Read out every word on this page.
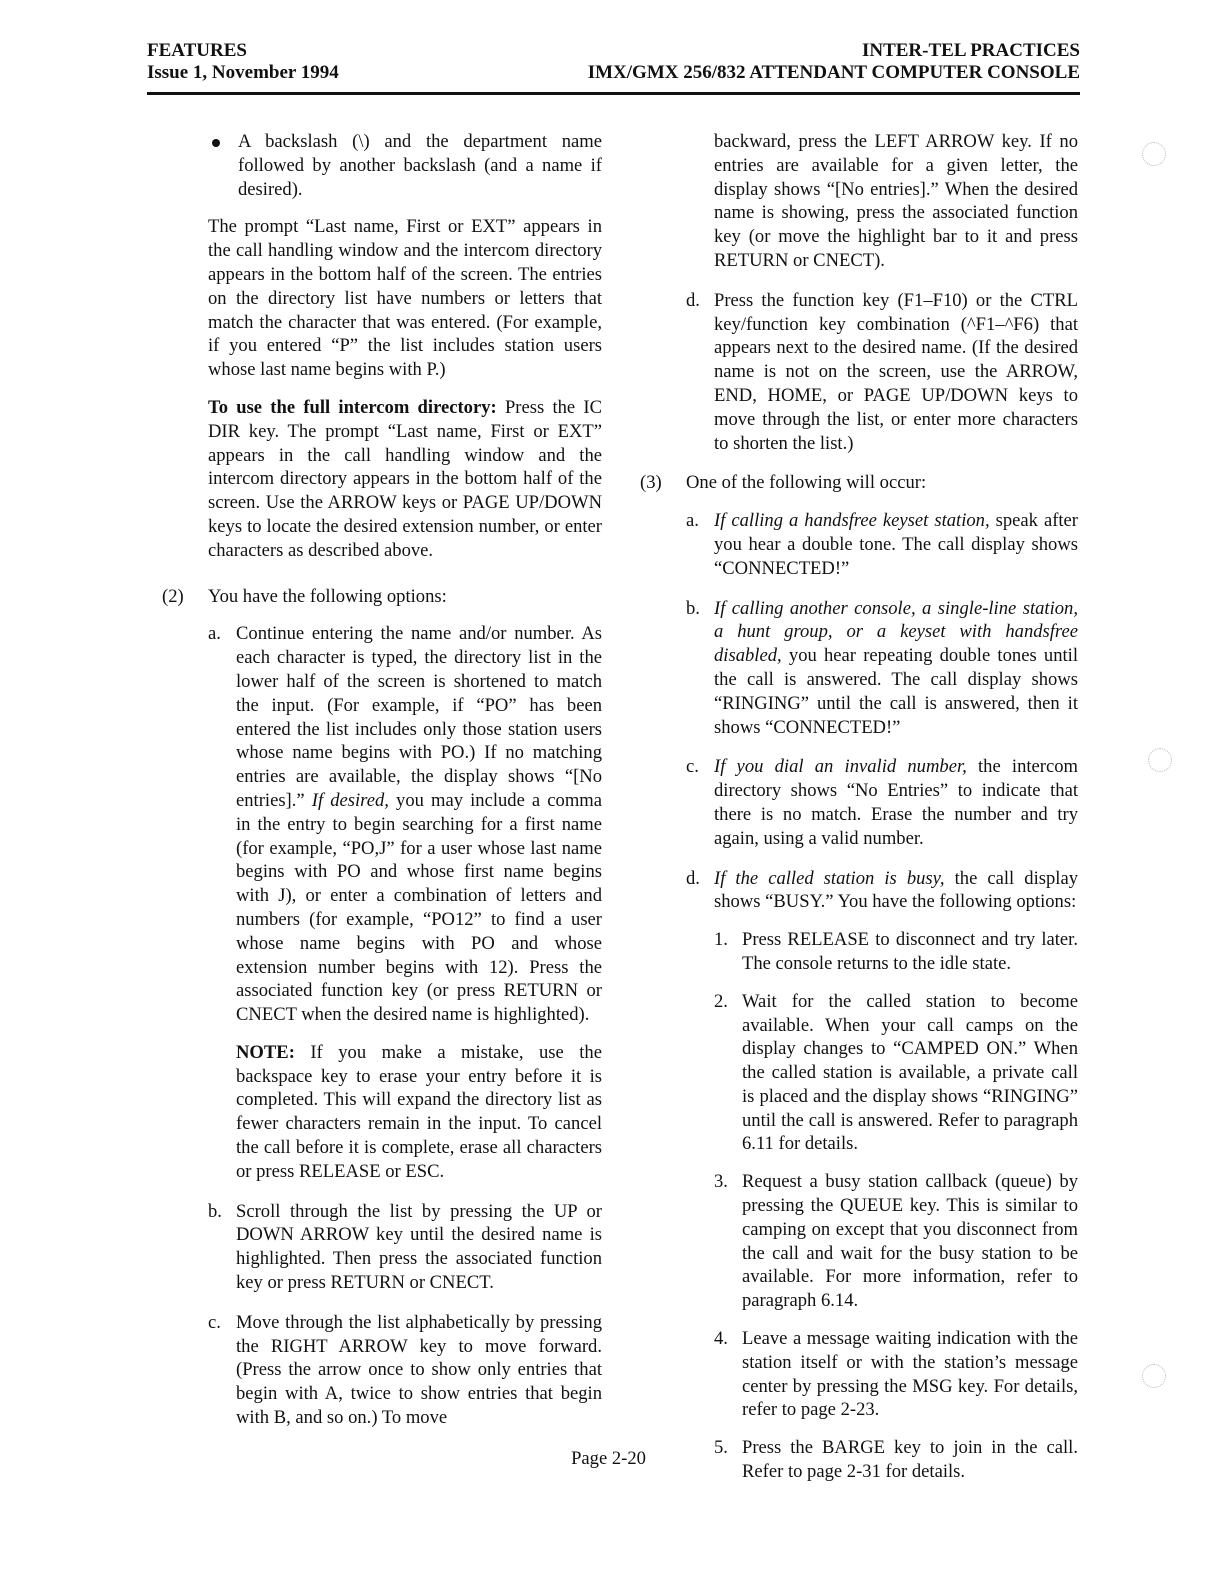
FEATURES
Issue 1, November 1994
INTER-TEL PRACTICES
IMX/GMX 256/832 ATTENDANT COMPUTER CONSOLE
A backslash (\) and the department name followed by another backslash (and a name if desired).

The prompt “Last name, First or EXT” appears in the call handling window and the intercom directory appears in the bottom half of the screen. The entries on the directory list have numbers or letters that match the character that was entered. (For example, if you entered “P” the list includes station users whose last name begins with P.)

To use the full intercom directory: Press the IC DIR key. The prompt “Last name, First or EXT” appears in the call handling window and the intercom directory appears in the bottom half of the screen. Use the ARROW keys or PAGE UP/DOWN keys to locate the desired extension number, or enter characters as described above.

(2) You have the following options:

a. Continue entering the name and/or number. As each character is typed, the directory list in the lower half of the screen is shortened to match the input. (For example, if “PO” has been entered the list includes only those station users whose name begins with PO.) If no matching entries are available, the display shows “[No entries].” If desired, you may include a comma in the entry to begin searching for a first name (for example, “PO,J” for a user whose last name begins with PO and whose first name begins with J), or enter a combination of letters and numbers (for example, “PO12” to find a user whose name begins with PO and whose extension number begins with 12). Press the associated function key (or press RETURN or CNECT when the desired name is highlighted).

NOTE: If you make a mistake, use the backspace key to erase your entry before it is completed. This will expand the directory list as fewer characters remain in the input. To cancel the call before it is complete, erase all characters or press RELEASE or ESC.

b. Scroll through the list by pressing the UP or DOWN ARROW key until the desired name is highlighted. Then press the associated function key or press RETURN or CNECT.
c. Move through the list alphabetically by pressing the RIGHT ARROW key to move forward. (Press the arrow once to show only entries that begin with A, twice to show entries that begin with B, and so on.) To move
backward, press the LEFT ARROW key. If no entries are available for a given letter, the display shows “[No entries].” When the desired name is showing, press the associated function key (or move the highlight bar to it and press RETURN or CNECT).
d. Press the function key (F1–F10) or the CTRL key/function key combination (^F1–^F6) that appears next to the desired name. (If the desired name is not on the screen, use the ARROW, END, HOME, or PAGE UP/DOWN keys to move through the list, or enter more characters to shorten the list.)
(3) One of the following will occur:

a. If calling a handsfree keyset station, speak after you hear a double tone. The call display shows “CONNECTED!”
b. If calling another console, a single-line station, a hunt group, or a keyset with handsfree disabled, you hear repeating double tones until the call is answered. The call display shows “RINGING” until the call is answered, then it shows “CONNECTED!”
c. If you dial an invalid number, the intercom directory shows “No Entries” to indicate that there is no match. Erase the number and try again, using a valid number.
d. If the called station is busy, the call display shows “BUSY.” You have the following options:
1. Press RELEASE to disconnect and try later. The console returns to the idle state.
2. Wait for the called station to become available. When your call camps on the display changes to “CAMPED ON.” When the called station is available, a private call is placed and the display shows “RINGING” until the call is answered. Refer to paragraph 6.11 for details.
3. Request a busy station callback (queue) by pressing the QUEUE key. This is similar to camping on except that you disconnect from the call and wait for the busy station to be available. For more information, refer to paragraph 6.14.
4. Leave a message waiting indication with the station itself or with the station’s message center by pressing the MSG key. For details, refer to page 2-23.
5. Press the BARGE key to join in the call. Refer to page 2-31 for details.
Page 2-20
